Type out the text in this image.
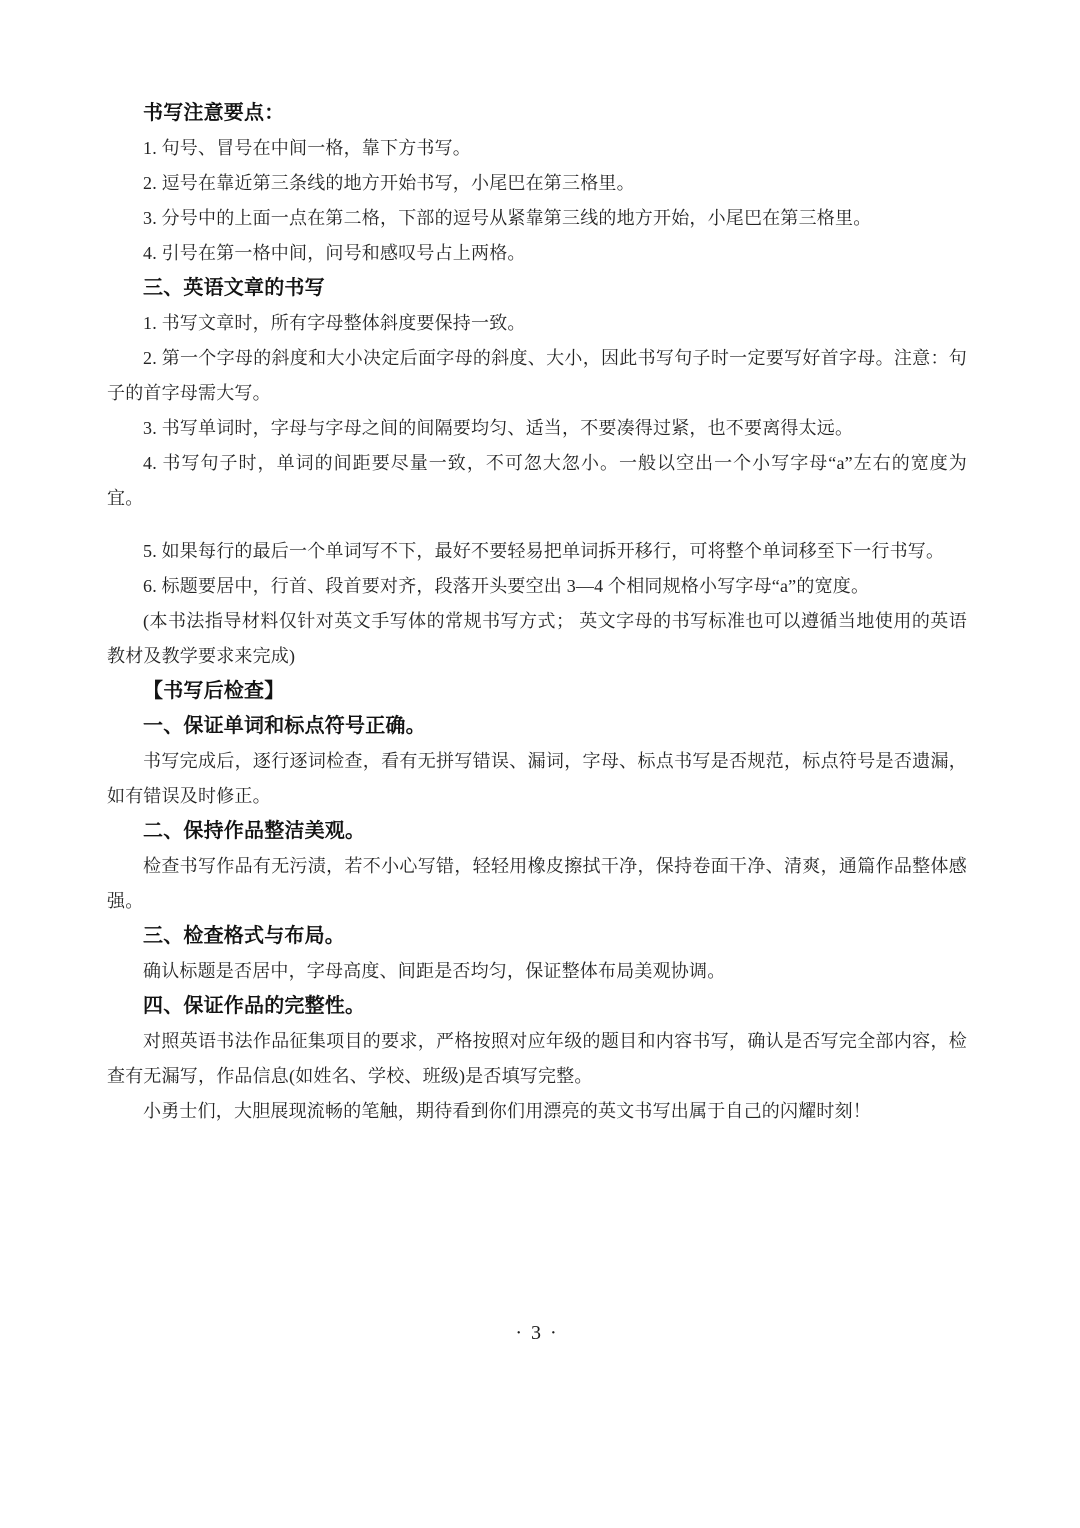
书写注意要点：

1. 句号、冒号在中间一格，靠下方书写。

2. 逗号在靠近第三条线的地方开始书写，小尾巴在第三格里。

3. 分号中的上面一点在第二格，下部的逗号从紧靠第三线的地方开始，小尾巴在第三格里。

4. 引号在第一格中间，问号和感叹号占上两格。

三、英语文章的书写

1. 书写文章时，所有字母整体斜度要保持一致。

2. 第一个字母的斜度和大小决定后面字母的斜度、大小，因此书写句子时一定要写好首字母。注意：句子的首字母需大写。

3. 书写单词时，字母与字母之间的间隔要均匀、适当，不要凑得过紧，也不要离得太远。

4. 书写句子时，单词的间距要尽量一致，不可忽大忽小。一般以空出一个小写字母“a”左右的宽度为宜。

5. 如果每行的最后一个单词写不下，最好不要轻易把单词拆开移行，可将整个单词移至下一行书写。

6. 标题要居中，行首、段首要对齐，段落开头要空出 3—4 个相同规格小写字母“a”的宽度。

(本书法指导材料仅针对英文手写体的常规书写方式； 英文字母的书写标准也可以遵循当地使用的英语教材及教学要求来完成)

【书写后检查】

一、保证单词和标点符号正确。

书写完成后，逐行逐词检查，看有无拼写错误、漏词，字母、标点书写是否规范，标点符号是否遗漏，如有错误及时修正。

二、保持作品整洁美观。

检查书写作品有无污渍，若不小心写错，轻轻用橡皮擦拭干净，保持卷面干净、清爽，通篇作品整体感强。

三、检查格式与布局。

确认标题是否居中，字母高度、间距是否均匀，保证整体布局美观协调。

四、保证作品的完整性。

对照英语书法作品征集项目的要求，严格按照对应年级的题目和内容书写，确认是否写完全部内容，检查有无漏写，作品信息(如姓名、学校、班级)是否填写完整。

小勇士们，大胆展现流畅的笔触，期待看到你们用漂亮的英文书写出属于自己的闪耀时刻！

· 3 ·
